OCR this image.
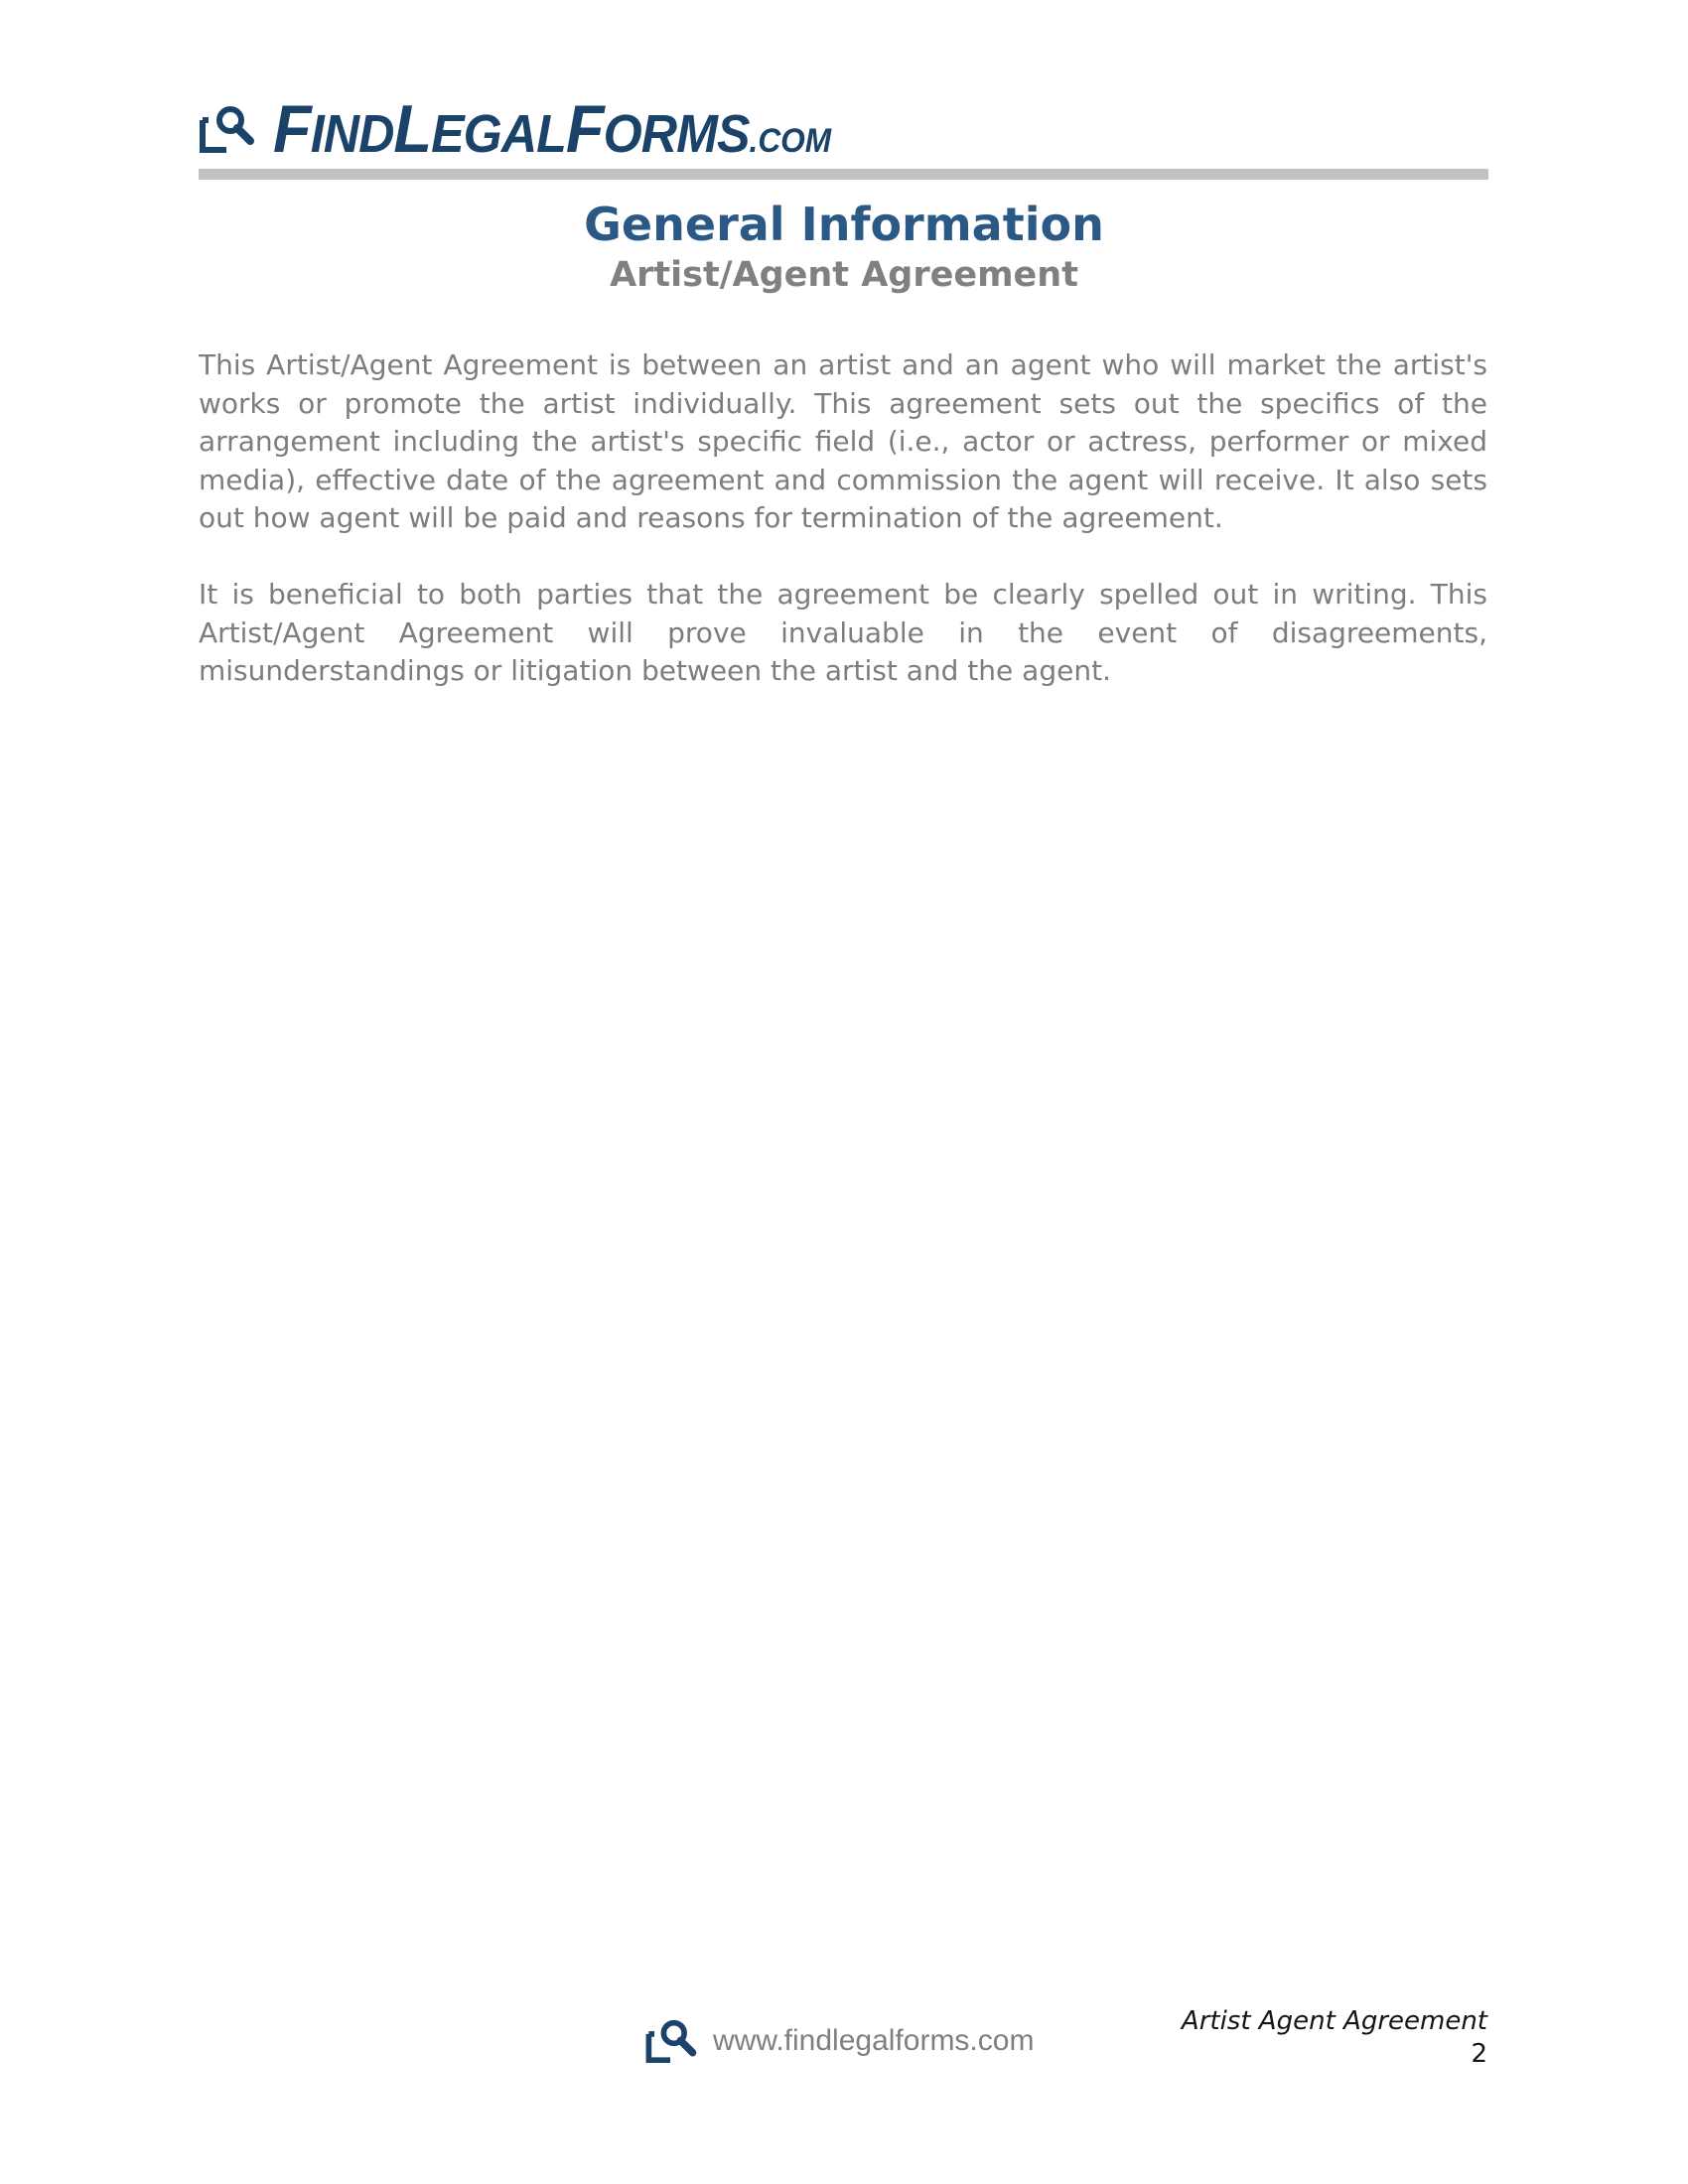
FINDLEGALFORMS.COM
General Information
Artist/Agent Agreement

This Artist/Agent Agreement is between an artist and an agent who will market the artist's works or promote the artist individually. This agreement sets out the specifics of the arrangement including the artist's specific field (i.e., actor or actress, performer or mixed media), effective date of the agreement and commission the agent will receive. It also sets out how agent will be paid and reasons for termination of the agreement.

It is beneficial to both parties that the agreement be clearly spelled out in writing. This Artist/Agent Agreement will prove invaluable in the event of disagreements, misunderstandings or litigation between the artist and the agent.

www.findlegalforms.com
Artist Agent Agreement
2
